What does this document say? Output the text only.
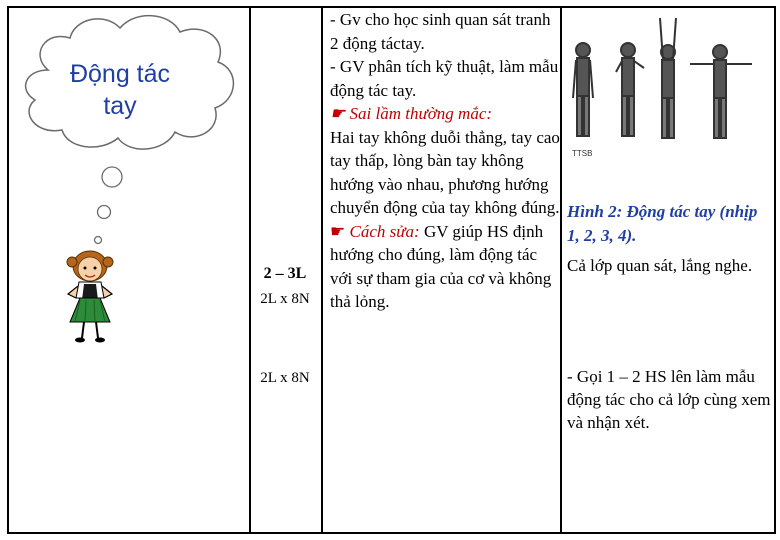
Động tác
tay
2 – 3L
2L x 8N
2L x 8N

- Gv cho học sinh quan sát tranh 2 động táctay.

- GV phân tích kỹ thuật, làm mẫu động tác tay.

☛ Sai lầm thường mắc:

Hai tay không duỗi thẳng, tay cao tay thấp, lòng bàn tay không hướng vào nhau, phương hướng chuyển động của tay không đúng.

☛ Cách sửa: GV giúp HS định hướng cho đúng, làm động tác với sự tham gia của cơ và không thả lỏng.

TTSB
Hình 2: Động tác tay (nhịp 1, 2, 3, 4).
Cả lớp quan sát, lắng nghe.
- Gọi 1 – 2 HS lên làm mẫu động tác cho cả lớp cùng xem và nhận xét.
